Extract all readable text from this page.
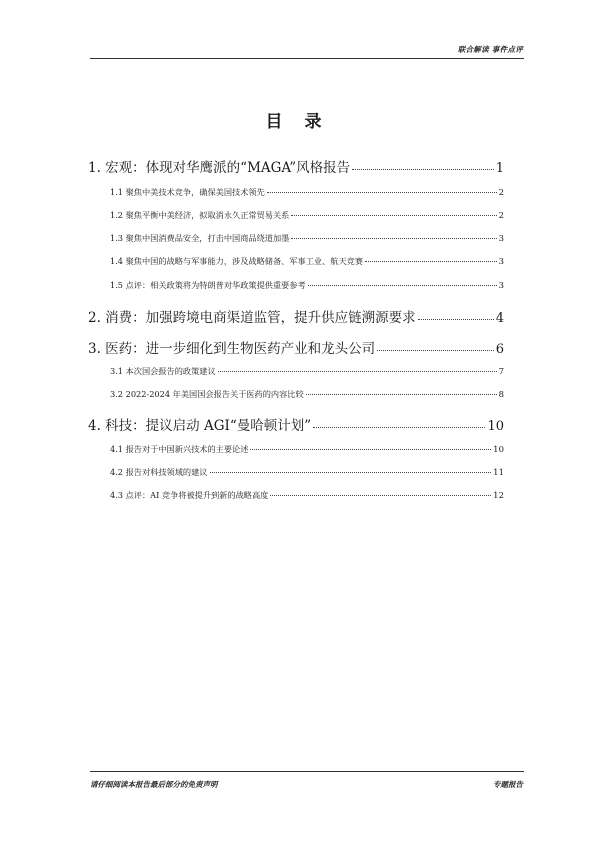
联合解读 事件点评
目 录
1. 宏观：体现对华鹰派的“MAGA”风格报告	1
1.1 聚焦中美技术竞争，确保美国技术领先	2
1.2 聚焦平衡中美经济，拟取消永久正常贸易关系	2
1.3 聚焦中国消费品安全，打击中国商品绕道加墨	3
1.4 聚焦中国的战略与军事能力，涉及战略储备、军事工业、航天竞赛	3
1.5 点评：相关政策将为特朗普对华政策提供重要参考	3
2. 消费：加强跨境电商渠道监管，提升供应链溯源要求	4
3. 医药：进一步细化到生物医药产业和龙头公司	6
3.1 本次国会报告的政策建议	7
3.2 2022-2024 年美国国会报告关于医药的内容比较	8
4. 科技：提议启动 AGI“曼哈顿计划”	10
4.1 报告对于中国新兴技术的主要论述	10
4.2 报告对科技领域的建议	11
4.3 点评：AI 竞争将被提升到新的战略高度	12
请仔细阅读本报告最后部分的免责声明	专题报告
